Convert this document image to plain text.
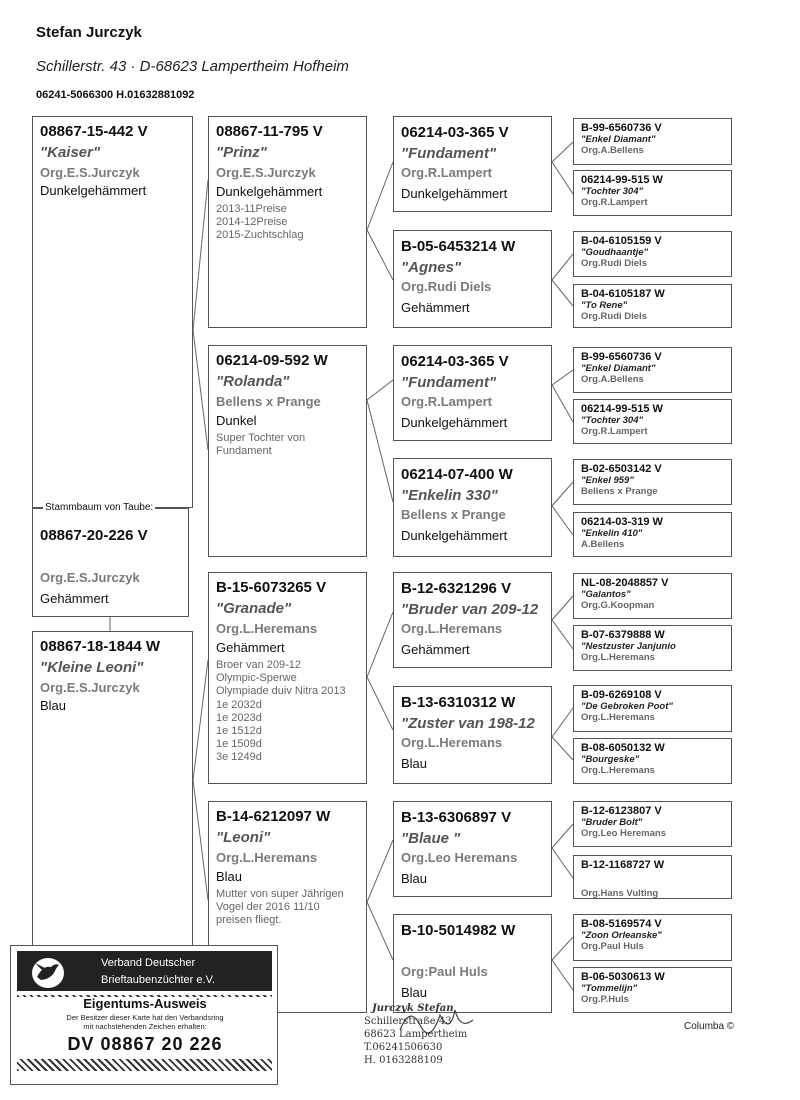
Stefan Jurczyk
Schillerstr. 43 · D-68623 Lampertheim Hofheim
06241-5066300 H.01632881092
08867-15-442 V
"Kaiser"
Org.E.S.Jurczyk
Dunkelgehämmert
08867-20-226 V
Org.E.S.Jurczyk
Gehämmert
Stammbaum von Taube:
08867-18-1844 W
"Kleine Leoni"
Org.E.S.Jurczyk
Blau
08867-11-795 V
"Prinz"
Org.E.S.Jurczyk
Dunkelgehämmert
2013-11Preise
2014-12Preise
2015-Zuchtschlag
06214-09-592 W
"Rolanda"
Bellens x Prange
Dunkel
Super Tochter von
Fundament
B-15-6073265 V
"Granade"
Org.L.Heremans
Gehämmert
Broer van 209-12
Olympic-Sperwe
Olympiade duiv Nitra 2013
1e 2032d
1e 2023d
1e 1512d
1e 1509d
3e 1249d
B-14-6212097 W
"Leoni"
Org.L.Heremans
Blau
Mutter von super Jährigen
Vogel der 2016 11/10
preisen fliegt.
06214-03-365 V
"Fundament"
Org.R.Lampert
Dunkelgehämmert
B-05-6453214 W
"Agnes"
Org.Rudi Diels
Gehämmert
06214-03-365 V
"Fundament"
Org.R.Lampert
Dunkelgehämmert
06214-07-400 W
"Enkelin 330"
Bellens x Prange
Dunkelgehämmert
B-12-6321296 V
"Bruder van 209-12
Org.L.Heremans
Gehämmert
B-13-6310312 W
"Zuster van 198-12
Org.L.Heremans
Blau
B-13-6306897 V
"Blaue "
Org.Leo Heremans
Blau
B-10-5014982 W
Org:Paul Huls
Blau
B-99-6560736 V
"Enkel Diamant"
Org.A.Bellens
06214-99-515 W
"Tochter 304"
Org.R.Lampert
B-04-6105159 V
"Goudhaantje"
Org.Rudi Diels
B-04-6105187 W
"To Rene"
Org.Rudi Diels
B-99-6560736 V
"Enkel Diamant"
Org.A.Bellens
06214-99-515 W
"Tochter 304"
Org.R.Lampert
B-02-6503142 V
"Enkel 959"
Bellens x Prange
06214-03-319 W
"Enkelin 410"
A.Bellens
NL-08-2048857 V
"Galantos"
Org.G.Koopman
B-07-6379888 W
"Nestzuster Janjunio
Org.L.Heremans
B-09-6269108 V
"De Gebroken Poot"
Org.L.Heremans
B-08-6050132 W
"Bourgeske"
Org.L.Heremans
B-12-6123807 V
"Bruder Bolt"
Org.Leo Heremans
B-12-1168727 W
Org.Hans Vulting
B-08-5169574 V
"Zoon Orleanske"
Org.Paul Huls
B-06-5030613 W
"Tommelijn"
Org.P.Huls
Columba ©
Verband Deutscher
Brieftaubenzüchter e.V.
Eigentums-Ausweis
Der Besitzer dieser Karte hat den Verbandsring
mit nachstehenden Zeichen erhalten:
DV 08867 20 226
Jurczyk Stefan
Schillerstraße 43
68623 Lampertheim
T.06241506630
H. 0163288109
